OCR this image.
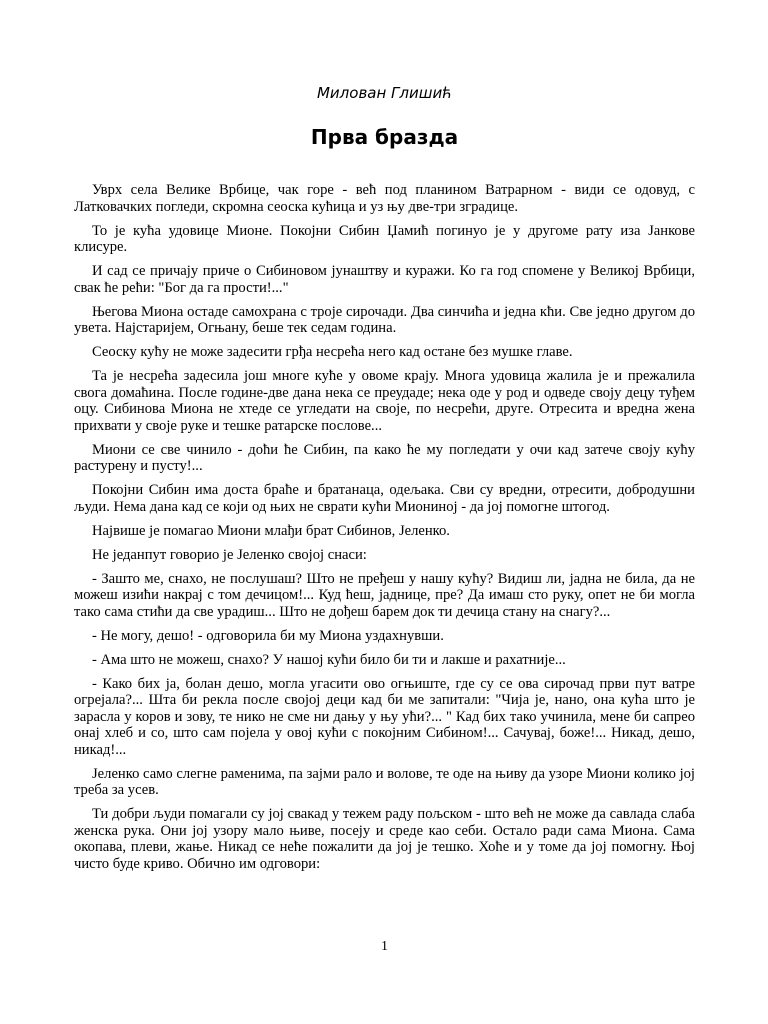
Милован Глишић
Прва бразда

Уврх села Велике Врбице, чак горе - већ под планином Ватрарном - види се одовуд, с Латковачких погледи, скромна сеоска кућица и уз њу две-три зградице.

То је кућа удовице Мионе. Покојни Сибин Џамић погинуо је у другоме рату иза Јанкове клисуре.

И сад се причају приче о Сибиновом јунаштву и куражи. Ко га год спомене у Великој Врбици, свак ће рећи: "Бог да га прости!..."

Његова Миона остаде самохрана с троје сирочади. Два синчића и једна кћи. Све једно другом до увета. Најстаријем, Огњану, беше тек седам година.

Сеоску кућу не може задесити грђа несрећа него кад остане без мушке главе.

Та је несрећа задесила још многе куће у овоме крају. Многа удовица жалила је и прежалила свога домаћина. После године-две дана нека се преудаде; нека оде у род и одведе своју децу туђем оцу. Сибинова Миона не хтеде се угледати на своје, по несрећи, друге. Отресита и вредна жена прихвати у своје руке и тешке ратарске послове...

Миони се све чинило - доћи ће Сибин, па како ће му погледати у очи кад затече своју кућу растурену и пусту!...

Покојни Сибин има доста браће и братанаца, одељака. Сви су вредни, отресити, добродушни људи. Нема дана кад се који од њих не сврати кући Миониној - да јој помогне штогод.

Највише је помагао Миони млађи брат Сибинов, Јеленко.

Не једанпут говорио је Јеленко својој снаси:

- Зашто ме, снахо, не послушаш? Што не пређеш у нашу кућу? Видиш ли, јадна не била, да не можеш изићи накрај с том дечицом!... Куд ћеш, јаднице, пре? Да имаш сто руку, опет не би могла тако сама стићи да све урадиш... Што не дођеш барем док ти дечица стану на снагу?...

- Не могу, дешо! - одговорила би му Миона уздахнувши.

- Ама што не можеш, снахо? У нашој кући било би ти и лакше и рахатније...

- Како бих ја, болан дешо, могла угасити ово огњиште, где су се ова сирочад први пут ватре огрејала?... Шта би рекла после својој деци кад би ме запитали: "Чија је, нано, она кућа што је зарасла у коров и зову, те нико не сме ни дању у њу ући?... " Кад бих тако учинила, мене би сапрео онај хлеб и со, што сам појела у овој кући с покојним Сибином!... Сачувај, боже!... Никад, дешо, никад!...

Јеленко само слегне раменима, па зајми рало и волове, те оде на њиву да узоре Миони колико јој треба за усев.

Ти добри људи помагали су јој свакад у тежем раду пољском - што већ не може да савлада слаба женска рука. Они јој узору мало њиве, посеју и среде као себи. Остало ради сама Миона. Сама окопава, плеви, жање. Никад се неће пожалити да јој је тешко. Хоће и у томе да јој помогну. Њој чисто буде криво. Обично им одговори:

1
